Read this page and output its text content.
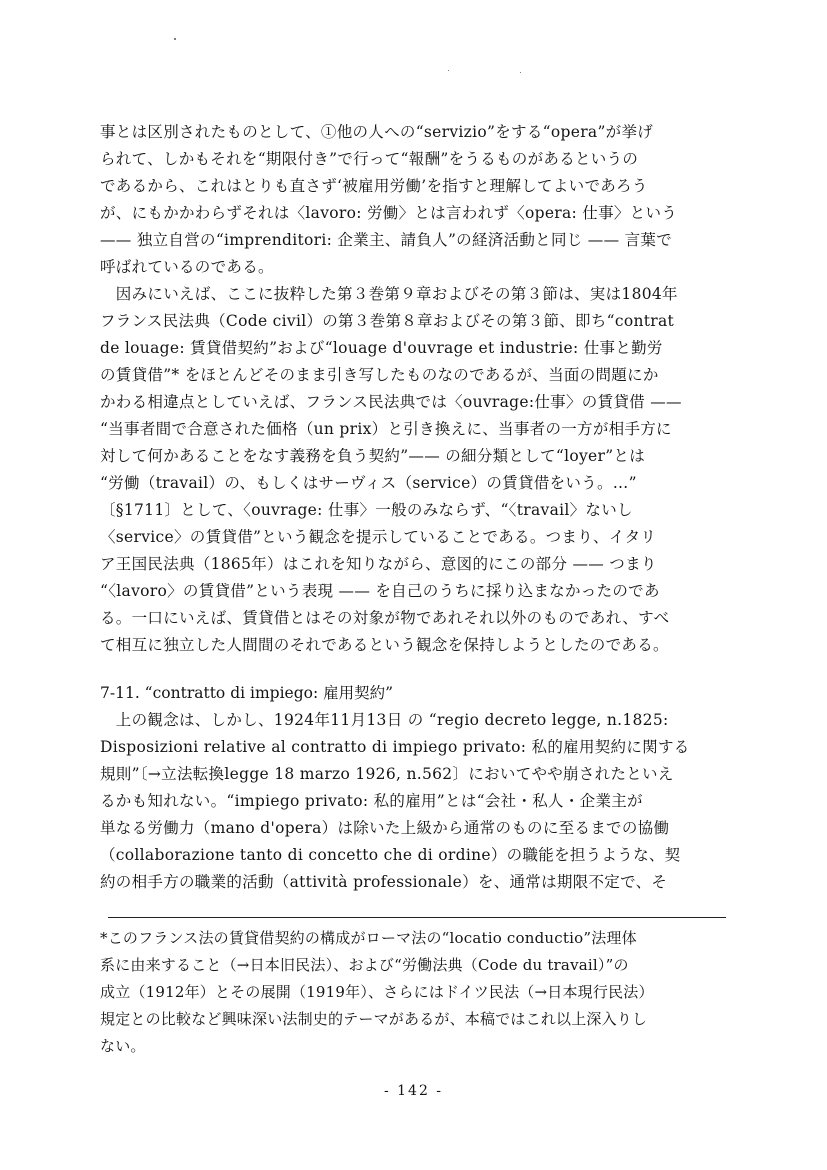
事とは区別されたものとして、①他の人への“servizio”をする“opera”が挙げ

られて、しかもそれを“期限付き”で行って“報酬”をうるものがあるというの

であるから、これはとりも直さず‘被雇用労働’を指すと理解してよいであろう

が、にもかかわらずそれは〈lavoro: 労働〉とは言われず〈opera: 仕事〉という

—— 独立自営の“imprenditori: 企業主、請負人”の経済活動と同じ —— 言葉で

呼ばれているのである。

　因みにいえば、ここに抜粋した第３巻第９章およびその第３節は、実は1804年

フランス民法典（Code civil）の第３巻第８章およびその第３節、即ち“contrat

de louage: 賃貸借契約”および“louage d'ouvrage et industrie: 仕事と勤労

の賃貸借”* をほとんどそのまま引き写したものなのであるが、当面の問題にか

かわる相違点としていえば、フランス民法典では〈ouvrage:仕事〉の賃貸借 ——

“当事者間で合意された価格（un prix）と引き換えに、当事者の一方が相手方に

対して何かあることをなす義務を負う契約”—— の細分類として“loyer”とは

“労働（travail）の、もしくはサーヴィス（service）の賃貸借をいう。…”

〔§1711〕として、〈ouvrage: 仕事〉一般のみならず、“〈travail〉ないし

〈service〉の賃貸借”という観念を提示していることである。つまり、イタリ

ア王国民法典（1865年）はこれを知りながら、意図的にこの部分 —— つまり

“〈lavoro〉の賃貸借”という表現 —— を自己のうちに採り込まなかったのであ

る。一口にいえば、賃貸借とはその対象が物であれそれ以外のものであれ、すべ

て相互に独立した人間間のそれであるという観念を保持しようとしたのである。

7-11. “contratto di impiego: 雇用契約”

　上の観念は、しかし、1924年11月13日 の “regio decreto legge, n.1825:

Disposizioni relative al contratto di impiego privato: 私的雇用契約に関する

規則”〔→立法転換legge 18 marzo 1926, n.562〕においてやや崩されたといえ

るかも知れない。“impiego privato: 私的雇用”とは“会社・私人・企業主が

単なる労働力（mano d'opera）は除いた上級から通常のものに至るまでの協働

（collaborazione tanto di concetto che di ordine）の職能を担うような、契

約の相手方の職業的活動（attività professionale）を、通常は期限不定で、そ

*このフランス法の賃貸借契約の構成がローマ法の“locatio conductio”法理体

系に由来すること（→日本旧民法）、および“労働法典（Code du travail）”の

成立（1912年）とその展開（1919年）、さらにはドイツ民法（→日本現行民法）

規定との比較など興味深い法制史的テーマがあるが、本稿ではこれ以上深入りし

ない。

- 142 -
